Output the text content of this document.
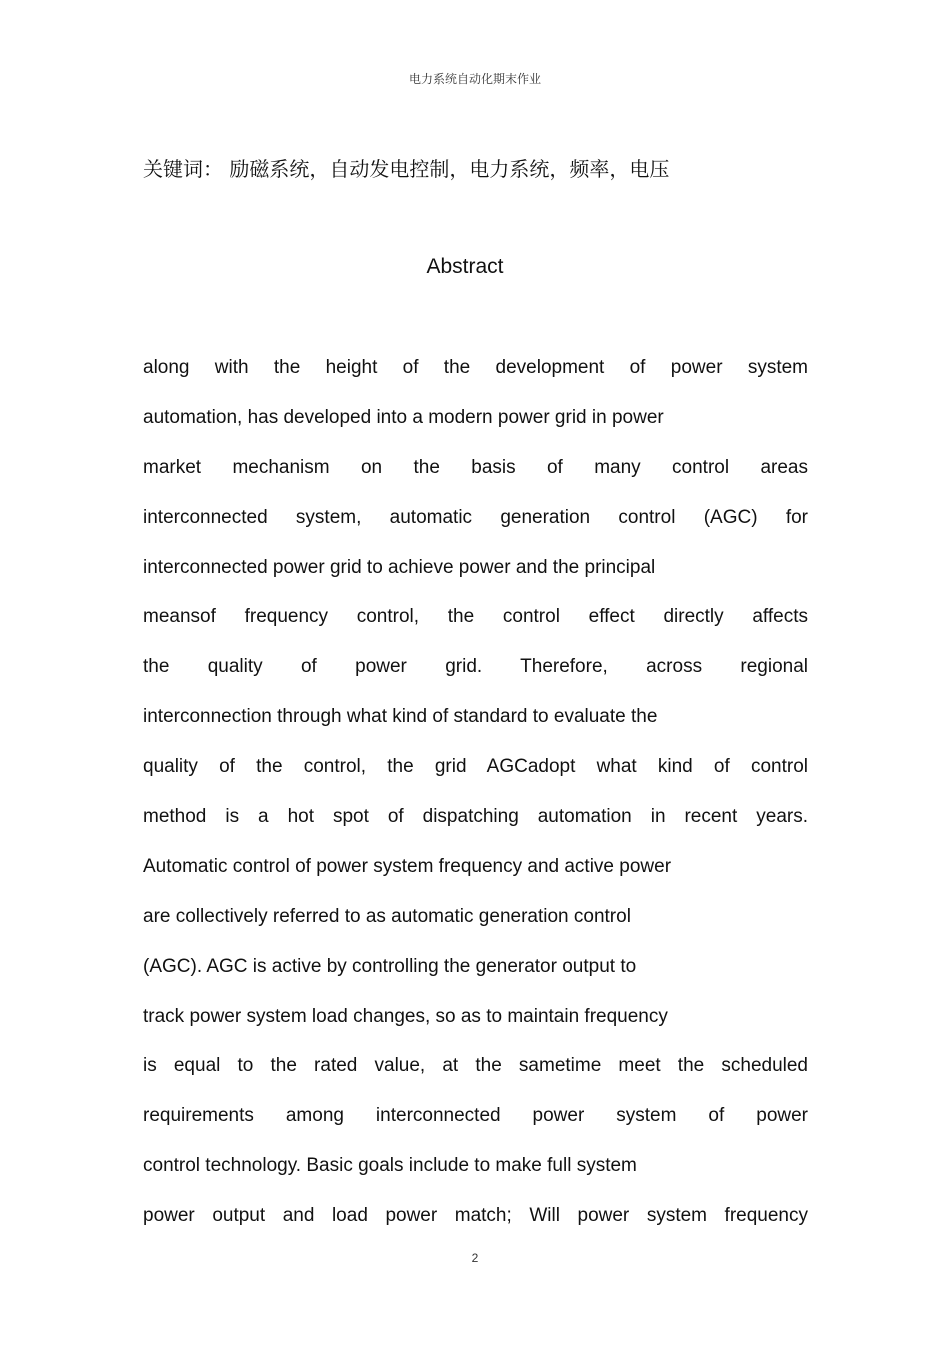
电力系统自动化期末作业
关键词： 励磁系统，自动发电控制，电力系统，频率，电压
Abstract
along with the height of the development of power system
automation, has developed into a modern power grid in power
market mechanism on the basis of many control areas
interconnected system, automatic generation control (AGC) for
interconnected power grid to achieve power and the principal
meansof frequency control, the control effect directly affects
the quality of power grid. Therefore, across regional
interconnection through what kind of standard to evaluate the
quality of the control, the grid AGCadopt what kind of control
method is a hot spot of dispatching automation in recent years.
Automatic control of power system frequency and active power
are collectively referred to as automatic generation control
(AGC). AGC is active by controlling the generator output to
track power system load changes, so as to maintain frequency
is equal to the rated value, at the sametime meet the scheduled
requirements among interconnected power system of power
control technology. Basic goals include to make full system
power output and load power match; Will power system frequency
2
